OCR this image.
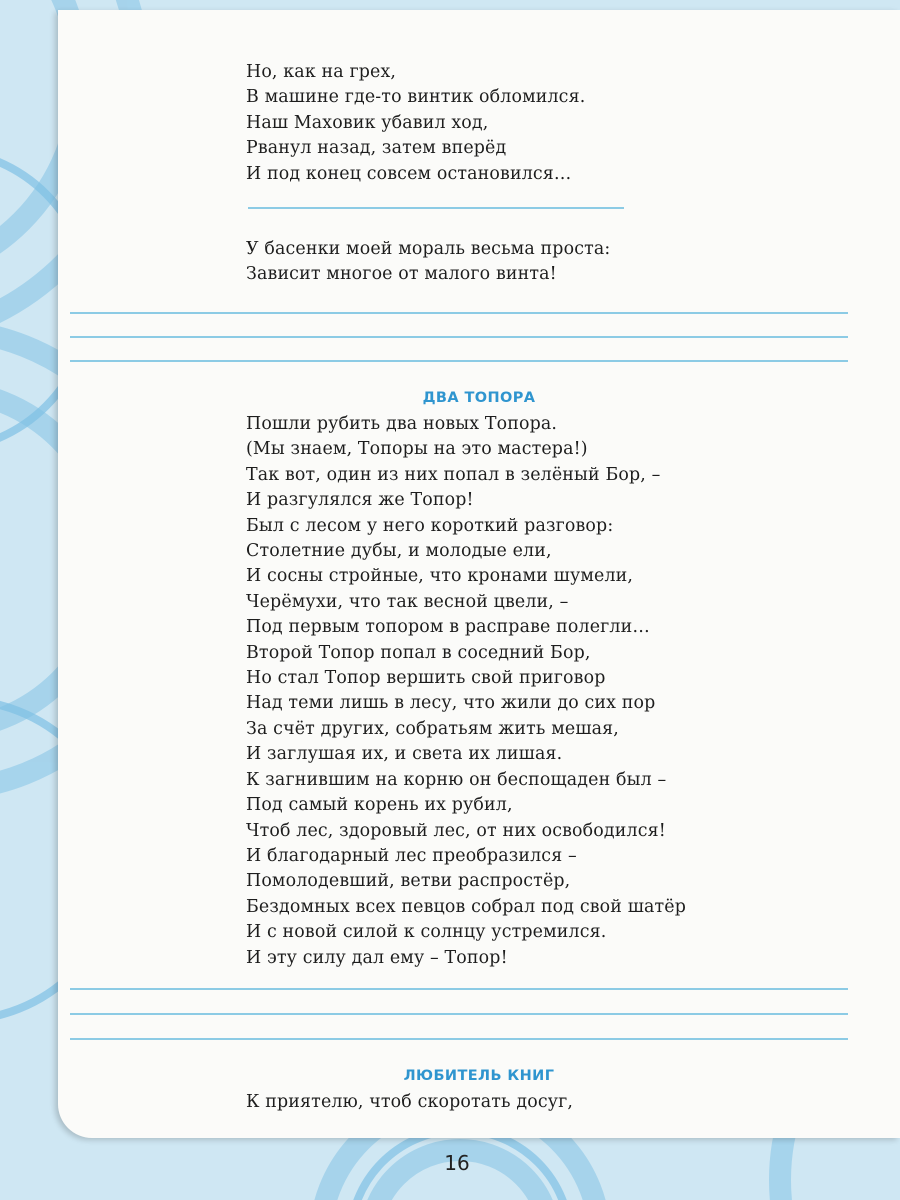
Но, как на грех,
В машине где-то винтик обломился.
Наш Маховик убавил ход,
Рванул назад, затем вперёд
И под конец совсем остановился…
У басенки моей мораль весьма проста:
Зависит многое от малого винта!
ДВА ТОПОРА
Пошли рубить два новых Топора.
(Мы знаем, Топоры на это мастера!)
Так вот, один из них попал в зелёный Бор, –
И разгулялся же Топор!
Был с лесом у него короткий разговор:
Столетние дубы, и молодые ели,
И сосны стройные, что кронами шумели,
Черёмухи, что так весной цвели, –
Под первым топором в расправе полегли…
Второй Топор попал в соседний Бор,
Но стал Топор вершить свой приговор
Над теми лишь в лесу, что жили до сих пор
За счёт других, собратьям жить мешая,
И заглушая их, и света их лишая.
К загнившим на корню он беспощаден был –
Под самый корень их рубил,
Чтоб лес, здоровый лес, от них освободился!
И благодарный лес преобразился –
Помолодевший, ветви распростёр,
Бездомных всех певцов собрал под свой шатёр
И с новой силой к солнцу устремился.
И эту силу дал ему – Топор!
ЛЮБИТЕЛЬ КНИГ
К приятелю, чтоб скоротать досуг,
16
